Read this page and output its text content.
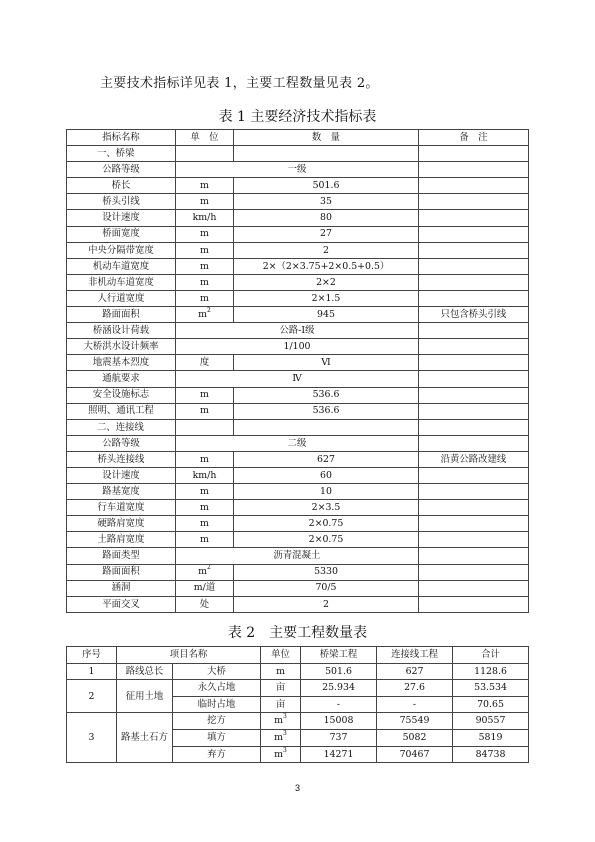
主要技术指标详见表 1，主要工程数量见表 2。
表 1 主要经济技术指标表
指标名称	单　位	数　量	备　注
一、桥梁			
公路等级	一级		
桥长	m	501.6	
桥头引线	m	35	
设计速度	km/h	80	
桥面宽度	m	27	
中央分隔带宽度	m	2	
机动车道宽度	m	2×（2×3.75+2×0.5+0.5）	
非机动车道宽度	m	2×2	
人行道宽度	m	2×1.5	
路面面积	$m^2$	945	只包含桥头引线
桥涵设计荷载	公路-Ⅰ级		
大桥洪水设计频率	1/100		
地震基本烈度	度	Ⅵ	
通航要求	Ⅳ		
安全设施标志	m	536.6	
照明、通讯工程	m	536.6	
二、连接线			
公路等级	二级		
桥头连接线	m	627	沿黄公路改建线
设计速度	km/h	60	
路基宽度	m	10	
行车道宽度	m	2×3.5	
硬路肩宽度	m	2×0.75	
土路肩宽度	m	2×0.75	
路面类型	沥青混凝土		
路面面积	$m^2$	5330	
涵洞	m/道	70/5	
平面交叉	处	2	
表 2　主要工程数量表
序号	项目名称		单位	桥梁工程	连接线工程	合计
1	路线总长	大桥	m	501.6	627	1128.6
2	征用土地	永久占地	亩	25.934	27.6	53.534
		临时占地	亩	-	-	70.65
3	路基土石方	挖方	$m^3$	15008	75549	90557
		填方	$m^3$	737	5082	5819
		弃方	$m^3$	14271	70467	84738
3
